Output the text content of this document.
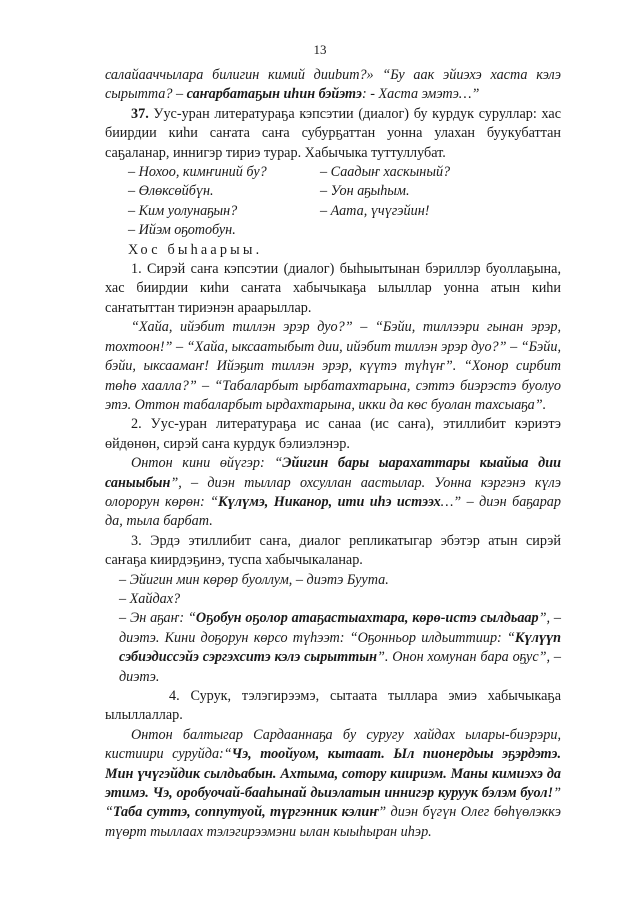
13

салайааччылара билигин кимий дииbит?» “Бу аак эйиэхэ хаста кэлэ сырытта? – саҥарбатаҕын иһин бэйэтэ: - Хаста эмэтэ…”

37. Уус-уран литератураҕа кэпсэтии (диалог) бу курдук суруллар: хас биирдии киһи саҥата саҥа субурҕаттан уонна улахан буукубаттан саҕаланар, иннигэр тириэ турар. Хабычыка туттуллубат.

– Нохоо, кимҥиний бу?	– Саадыҥ хаскыный?
– Өлөксөйбүн.	– Уон аҕыһым.
– Ким уолунаҕын?	– Аата, үчүгэйин!

– Ийэм оҕотобун.

Хос быһаарыы.

1. Сирэй саҥа кэпсэтии (диалог) быһыытынан бэриллэр буоллаҕына, хас биирдии киһи саҥата хабычыкаҕа ылыллар уонна атын киһи саҥатыттан тириэнэн араарыллар.

“Хайа, ийэбит тиллэн эрэр дуо?” – “Бэйи, тиллээри гынан эрэр, тохтоон!” – “Хайа, ыксаатыбыт дии, ийэбит тиллэн эрэр дуо?” – “Бэйи, бэйи, ыксаамаҥ! Ийэҕит тиллэн эрэр, күүтэ түһүҥ”. “Хонор сирбит төһө хаалла?” – “Табаларбыт ырбатахтарына, сэттэ биэрэстэ буолуо этэ. Оттон табаларбыт ырдахтарына, икки да көс буолан тахсыаҕа”.

2. Уус-уран литератураҕа ис санаа (ис саҥа), этиллибит кэриэтэ өйдөнөн, сирэй саҥа курдук бэлиэлэнэр.

Онтон кини өйүгэр: “Эйигин бары ыарахаттары кыайыа дии саныыбын”, – диэн тыллар охсуллан аастылар. Уонна кэргэнэ күлэ олорорун көрөн: “Күлүмэ, Никанор, ити иһэ истээх…” – диэн баҕарар да, тыла барбат.

3. Эрдэ этиллибит саҥа, диалог репликатыгар эбэтэр атын сирэй саҥаҕа киирдэҕинэ, туспа хабычыкаланар.

– Эйигин мин көрөр буоллум, – диэтэ Буута.

– Хайдах?

– Эн аҕаҥ: “Оҕобун оҕолор атаҕастыахтара, көрө-истэ сылдьаар”, – диэтэ. Кини доҕорун көрсо түһээт: “Оҕонньор илдьиттиир: “Күлүүп сэбиэдиссэйэ сэргэхситэ кэлэ сырыттын”. Онон хомунан бара оҕус”, – диэтэ.

4. Сурук, тэлэгирээмэ, сытаата тыллара эмиэ хабычыкаҕа ылыллаллар.

Онтон балтыгар Сардааннаҕа бу суругу хайдах ылары-биэрэри, кистиири суруйда:“Чэ, тоойуом, кытаат. Ыл пионердыы эҕэрдэтэ. Мин үчүгэйдик сылдьабын. Ахтыма, сотору киириэм. Маны кимиэхэ да этимэ. Чэ, оробуочай-бааһынай дьиэлатын иннигэр куруук бэлэм буол!” “Таба суттэ, соппутуой, түргэнник кэлиҥ” диэн бүгүн Олег бөһүөлэккэ түөрт тыллаах тэлэгирээмэни ылан кыыһыран иһэр.
